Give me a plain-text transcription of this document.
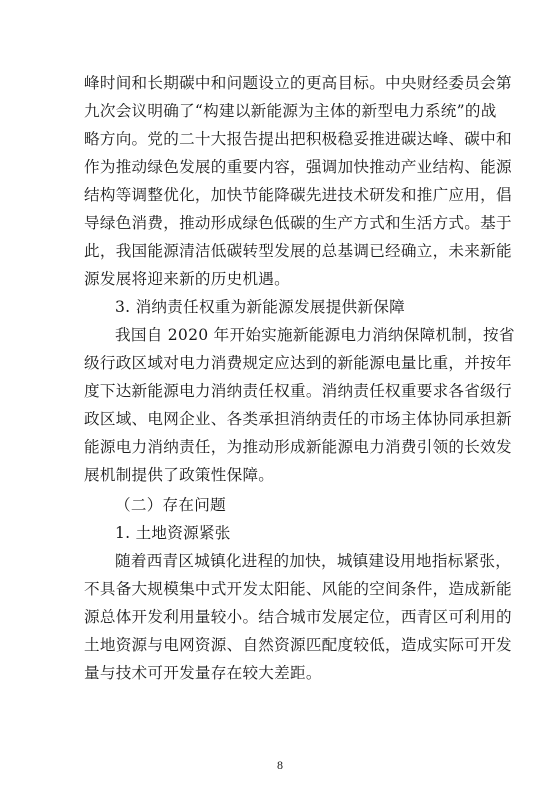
峰时间和长期碳中和问题设立的更高目标。中央财经委员会第
九次会议明确了“构建以新能源为主体的新型电力系统”的战
略方向。党的二十大报告提出把积极稳妥推进碳达峰、碳中和
作为推动绿色发展的重要内容，强调加快推动产业结构、能源
结构等调整优化，加快节能降碳先进技术研发和推广应用，倡
导绿色消费，推动形成绿色低碳的生产方式和生活方式。基于
此，我国能源清洁低碳转型发展的总基调已经确立，未来新能
源发展将迎来新的历史机遇。
3. 消纳责任权重为新能源发展提供新保障
我国自 2020 年开始实施新能源电力消纳保障机制，按省
级行政区域对电力消费规定应达到的新能源电量比重，并按年
度下达新能源电力消纳责任权重。消纳责任权重要求各省级行
政区域、电网企业、各类承担消纳责任的市场主体协同承担新
能源电力消纳责任，为推动形成新能源电力消费引领的长效发
展机制提供了政策性保障。
（二）存在问题
1. 土地资源紧张
随着西青区城镇化进程的加快，城镇建设用地指标紧张，
不具备大规模集中式开发太阳能、风能的空间条件，造成新能
源总体开发利用量较小。结合城市发展定位，西青区可利用的
土地资源与电网资源、自然资源匹配度较低，造成实际可开发
量与技术可开发量存在较大差距。
8
